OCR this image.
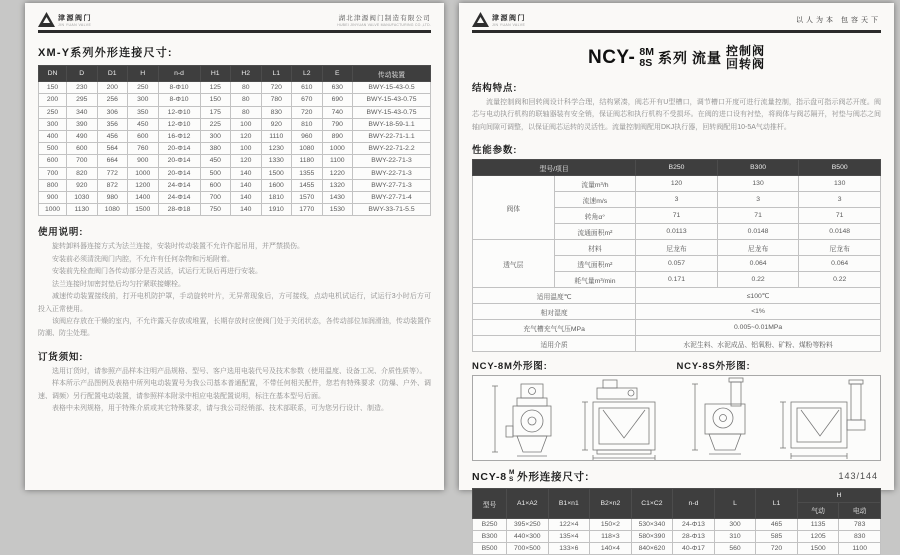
津源阀门
JIN YUAN VALVE
湖北津源阀门制造有限公司
HUBEI JINYUAN VALVE MANUFACTURING CO.,LTD.
XM-Y系列外形连接尺寸:
DN	D	D1	H	n-d	H1	H2	L1	L2	E	传动装置
150	230	200	250	8-Φ10	125	80	720	610	630	BWY-15-43-0.5
200	295	256	300	8-Φ10	150	80	780	670	690	BWY-15-43-0.75
250	340	306	350	12-Φ10	175	80	830	720	740	BWY-15-43-0.75
300	390	356	450	12-Φ10	225	100	920	810	790	BWY-18-59-1.1
400	490	456	600	16-Φ12	300	120	1110	960	890	BWY-22-71-1.1
500	600	564	760	20-Φ14	380	100	1230	1080	1000	BWY-22-71-2.2
600	700	664	900	20-Φ14	450	120	1330	1180	1100	BWY-22-71-3
700	820	772	1000	20-Φ14	500	140	1500	1355	1220	BWY-22-71-3
800	920	872	1200	24-Φ14	600	140	1600	1455	1320	BWY-27-71-3
900	1030	980	1400	24-Φ14	700	140	1810	1570	1430	BWY-27-71-4
1000	1130	1080	1500	28-Φ18	750	140	1910	1770	1530	BWY-33-71-5.5
使用说明:

旋转卸料器连接方式为法兰连接，安装时传动装置不允许作起吊用，并严禁损伤。

安装前必须清洗阀门内腔，不允许有任何杂物和污垢附着。

安装前先检查阀门各传动部分是否灵活，试运行无误后再进行安装。

法兰连接时加密封垫后均匀拧紧联接螺栓。

减速传动装置接线前，打开电机防护罩，手动旋转叶片，无异常现象后，方可接线，点动电机试运行，试运行3小时后方可投入正常使用。

该阀应存放在干燥的室内，不允许露天存放或堆置，长期存放时应使阀门处于关闭状态，各传动部位加润滑油，传动装置作防潮、防尘处理。

订货须知:

选用订货时，请参照产品样本注明产品规格、型号、客户选用电装代号及技术参数（使用温度、设备工况、介质性质等）。

样本所示产品图例及表格中所列电动装置号为我公司基本普通配置，不带任何相关配件，您若有特殊要求（防爆、户外、调速、调频）另行配置电动装置，请参照样本附录中相应电装配置说明，标注在基本型号后面。

表格中未列规格，用于特殊介质或其它特殊要求，请与我公司经销部、技术部联系，可为您另行设计、制造。

津源阀门
JIN YUAN VALVE
以人为本 包容天下
NCY- 8M
8S 系列 流量 控制阀
回转阀
结构特点:

流量控制阀和回转阀设计科学合理，结构紧凑，阀芯开有U型槽口，调节槽口开度可进行流量控制，指示盘可指示阀芯开度。阀芯与电动执行机构的联轴器装有安全销，保证阀芯和执行机构不受损坏。在阀的进口设有衬垫，将阀体与阀芯隔开，衬垫与阀芯之间轴向间隙可调整，以保证阀芯运转的灵活性。流量控制阀配用DKJ执行器，回转阀配用10-5A气动推杆。

性能参数:
型号/项目		B250	B300	B500
阀体	流量m³/h	120	130	130
	流速m/s	3	3	3
	转角α°	71	71	71
	流通面积m²	0.0113	0.0148	0.0148
透气层	材料	尼龙布	尼龙布	尼龙布
	透气面积m²	0.057	0.064	0.064
	耗气量m³/min	0.171	0.22	0.22
适用温度℃		≤100℃		
相对湿度		<1%		
充气槽充气气压MPa		0.005~0.01MPa		
适用介质		水泥生料、水泥成品、铝氧粉、矿粉、煤粉等粉料		
NCY-8M外形图:	NCY-8S外形图:
NCY-8 M
S 外形连接尺寸:
型号	A1×A2	B1×n1	B2×n2	C1×C2	n-d	L	L1	H	
								气动	电动
B250	395×250	122×4	150×2	530×340	24-Φ13	300	465	1135	783
B300	440×300	135×4	118×3	580×390	28-Φ13	310	585	1205	830
B500	700×500	133×6	140×4	840×620	40-Φ17	560	720	1500	1100
143/144
